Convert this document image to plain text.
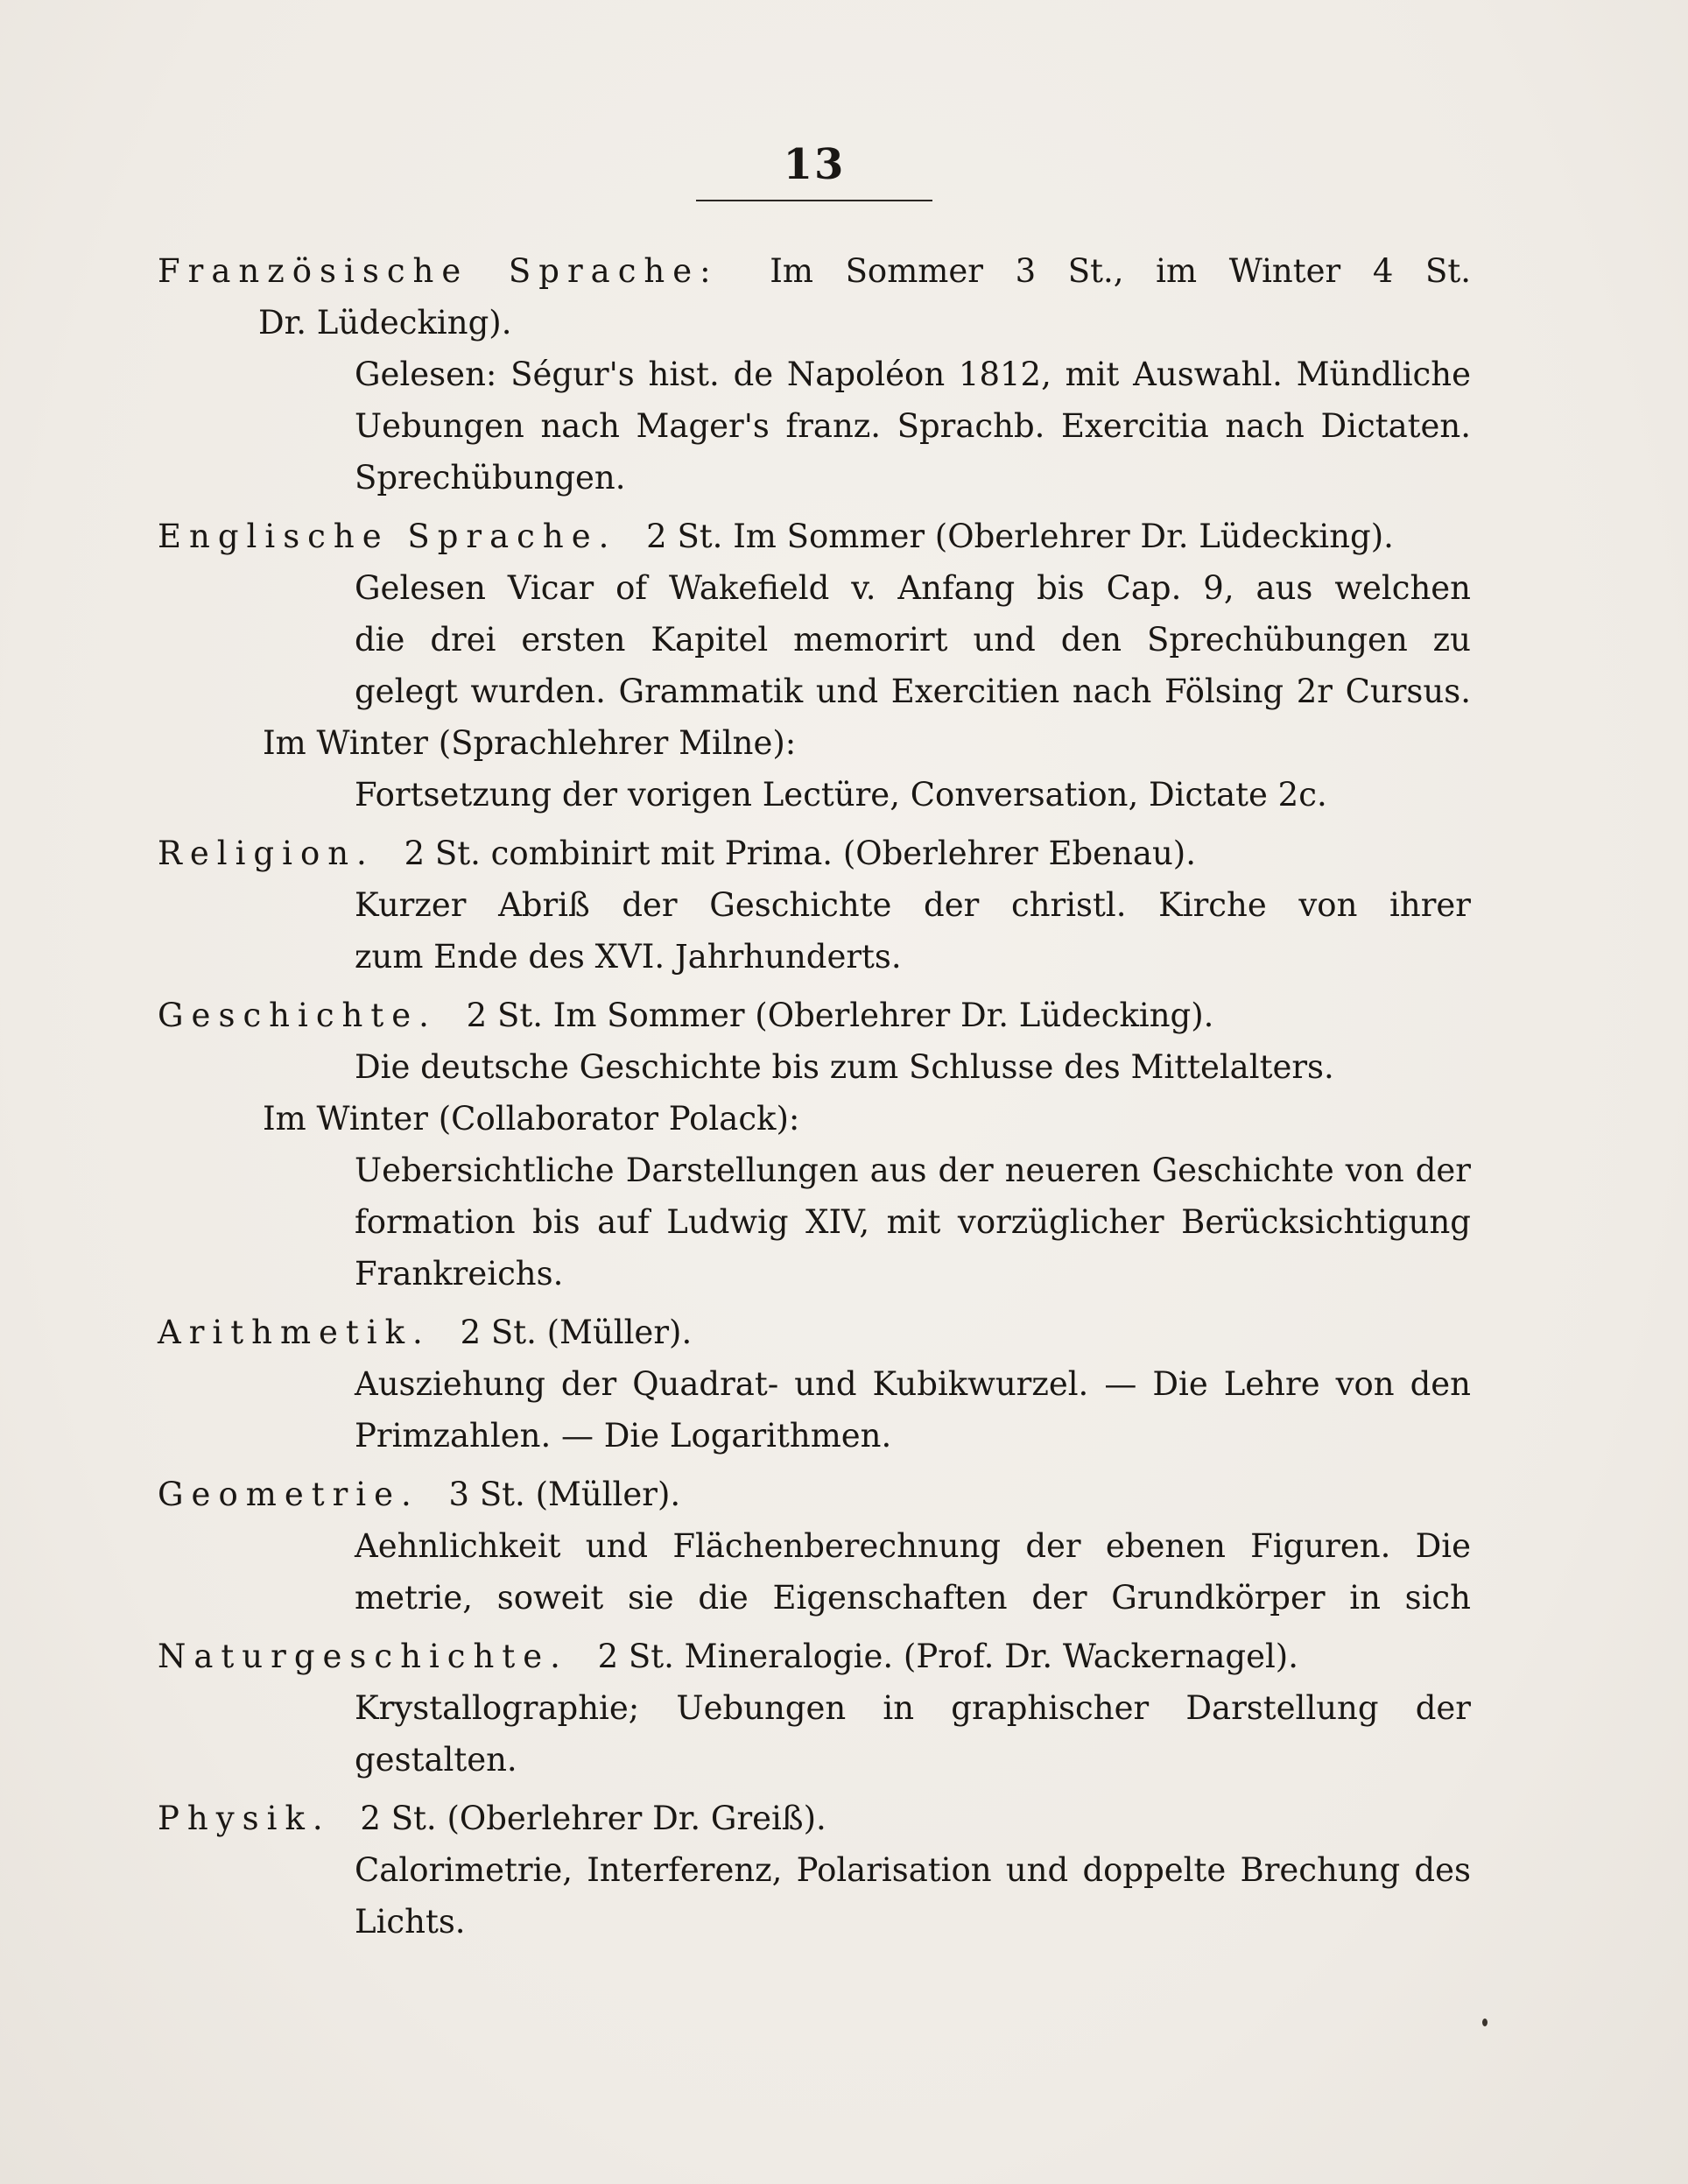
13
Französische Sprache: Im Sommer 3 St., im Winter 4 St.
Dr. Lüdecking).
Gelesen: Ségur's hist. de Napoléon 1812, mit Auswahl. Mündliche
Uebungen nach Mager's franz. Sprachb. Exercitia nach Dictaten.
Sprechübungen.
Englische Sprache. 2 St. Im Sommer (Oberlehrer Dr. Lüdecking).
Gelesen Vicar of Wakefield v. Anfang bis Cap. 9, aus welchen
die drei ersten Kapitel memorirt und den Sprechübungen zu
gelegt wurden. Grammatik und Exercitien nach Fölsing 2r Cursus.
Im Winter (Sprachlehrer Milne):
Fortsetzung der vorigen Lectüre, Conversation, Dictate 2c.
Religion. 2 St. combinirt mit Prima. (Oberlehrer Ebenau).
Kurzer Abriß der Geschichte der christl. Kirche von ihrer
zum Ende des XVI. Jahrhunderts.
Geschichte. 2 St. Im Sommer (Oberlehrer Dr. Lüdecking).
Die deutsche Geschichte bis zum Schlusse des Mittelalters.
Im Winter (Collaborator Polack):
Uebersichtliche Darstellungen aus der neueren Geschichte von der
formation bis auf Ludwig XIV, mit vorzüglicher Berücksichtigung
Frankreichs.
Arithmetik. 2 St. (Müller).
Ausziehung der Quadrat- und Kubikwurzel. — Die Lehre von den
Primzahlen. — Die Logarithmen.
Geometrie. 3 St. (Müller).
Aehnlichkeit und Flächenberechnung der ebenen Figuren. Die
metrie, soweit sie die Eigenschaften der Grundkörper in sich
Naturgeschichte. 2 St. Mineralogie. (Prof. Dr. Wackernagel).
Krystallographie; Uebungen in graphischer Darstellung der
gestalten.
Physik. 2 St. (Oberlehrer Dr. Greiß).
Calorimetrie, Interferenz, Polarisation und doppelte Brechung des
Lichts.
